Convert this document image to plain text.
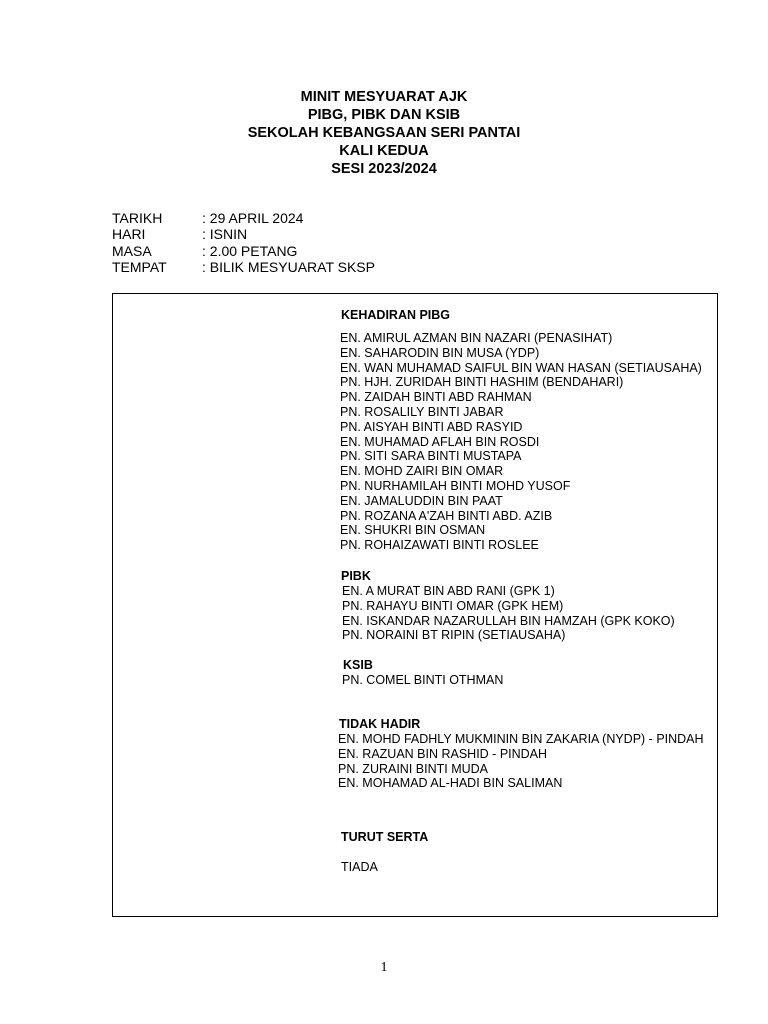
MINIT MESYUARAT AJK
PIBG, PIBK DAN KSIB
SEKOLAH KEBANGSAAN SERI PANTAI
KALI KEDUA
SESI 2023/2024
TARIKH	: 29 APRIL 2024
HARI	: ISNIN
MASA	: 2.00 PETANG
TEMPAT	: BILIK MESYUARAT SKSP
KEHADIRAN PIBG
EN. AMIRUL AZMAN BIN NAZARI (PENASIHAT)
EN. SAHARODIN BIN MUSA (YDP)
EN. WAN MUHAMAD SAIFUL BIN WAN HASAN (SETIAUSAHA)
PN. HJH. ZURIDAH BINTI HASHIM (BENDAHARI)
PN. ZAIDAH BINTI ABD RAHMAN
PN. ROSALILY BINTI JABAR
PN. AISYAH BINTI ABD RASYID
EN. MUHAMAD AFLAH BIN ROSDI
PN. SITI SARA BINTI MUSTAPA
EN. MOHD ZAIRI BIN OMAR
PN. NURHAMILAH BINTI MOHD YUSOF
EN. JAMALUDDIN BIN PAAT
PN. ROZANA A'ZAH BINTI ABD. AZIB
EN. SHUKRI BIN OSMAN
PN. ROHAIZAWATI BINTI ROSLEE
PIBK
EN. A MURAT BIN ABD RANI (GPK 1)
PN. RAHAYU BINTI OMAR (GPK HEM)
EN. ISKANDAR NAZARULLAH BIN HAMZAH (GPK KOKO)
PN. NORAINI BT RIPIN (SETIAUSAHA)
KSIB
PN. COMEL BINTI OTHMAN
TIDAK HADIR
EN. MOHD FADHLY MUKMININ BIN ZAKARIA (NYDP) - PINDAH
EN. RAZUAN BIN RASHID - PINDAH
PN. ZURAINI BINTI MUDA
EN. MOHAMAD AL-HADI BIN SALIMAN
TURUT SERTA
TIADA
1
